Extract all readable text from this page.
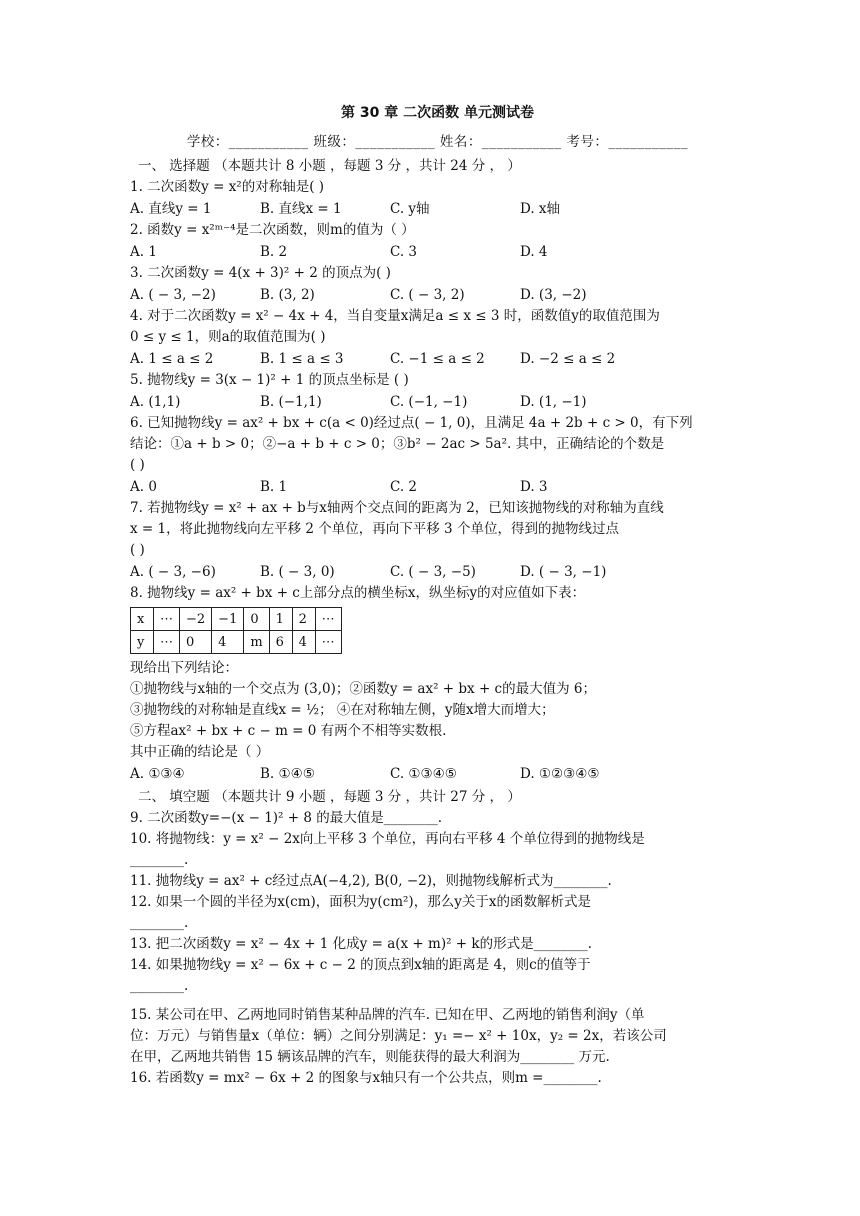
第 30 章 二次函数 单元测试卷
学校：___________ 班级：___________ 姓名：___________ 考号：___________
一、 选择题 （本题共计 8 小题 ，每题 3 分 ，共计 24 分 ， ）
1. 二次函数y = x²的对称轴是( )
A. 直线y = 1	B. 直线x = 1	C. y轴	D. x轴
2. 函数y = x²ᵐ⁻⁴是二次函数，则m的值为（ ）
A. 1	B. 2	C. 3	D. 4
3. 二次函数y = 4(x + 3)² + 2 的顶点为( )
A. ( − 3, −2)	B. (3, 2)	C. ( − 3, 2)	D. (3, −2)
4. 对于二次函数y = x² − 4x + 4，当自变量x满足a ≤ x ≤ 3 时，函数值y的取值范围为
0 ≤ y ≤ 1，则a的取值范围为( )
A. 1 ≤ a ≤ 2	B. 1 ≤ a ≤ 3	C. −1 ≤ a ≤ 2	D. −2 ≤ a ≤ 2
5. 抛物线y = 3(x − 1)² + 1 的顶点坐标是 ( )
A. (1,1)	B. (−1,1)	C. (−1, −1)	D. (1, −1)
6. 已知抛物线y = ax² + bx + c(a < 0)经过点( − 1, 0)，且满足 4a + 2b + c > 0，有下列
结论：①a + b > 0；②−a + b + c > 0；③b² − 2ac > 5a². 其中，正确结论的个数是
( )
A. 0	B. 1	C. 2	D. 3
7. 若抛物线y = x² + ax + b与x轴两个交点间的距离为 2，已知该抛物线的对称轴为直线
x = 1，将此抛物线向左平移 2 个单位，再向下平移 3 个单位，得到的抛物线过点
( )
A. ( − 3, −6)	B. ( − 3, 0)	C. ( − 3, −5)	D. ( − 3, −1)
8. 抛物线y = ax² + bx + c上部分点的横坐标x，纵坐标y的对应值如下表：
x	⋯	−2	−1	0	1	2	⋯
y	⋯	0	4	m	6	4	⋯
现给出下列结论：
①抛物线与x轴的一个交点为 (3,0)；②函数y = ax² + bx + c的最大值为 6；
③抛物线的对称轴是直线x = ½； ④在对称轴左侧，y随x增大而增大；
⑤方程ax² + bx + c − m = 0 有两个不相等实数根.
其中正确的结论是（ ）
A. ①③④	B. ①④⑤	C. ①③④⑤	D. ①②③④⑤
二、 填空题 （本题共计 9 小题 ，每题 3 分 ，共计 27 分 ， ）
9. 二次函数y=−(x − 1)² + 8 的最大值是________.
10. 将抛物线：y = x² − 2x向上平移 3 个单位，再向右平移 4 个单位得到的抛物线是
________.
11. 抛物线y = ax² + c经过点A(−4,2), B(0, −2)，则抛物线解析式为________.
12. 如果一个圆的半径为x(cm)，面积为y(cm²)，那么y关于x的函数解析式是
________.
13. 把二次函数y = x² − 4x + 1 化成y = a(x + m)² + k的形式是________.
14. 如果抛物线y = x² − 6x + c − 2 的顶点到x轴的距离是 4，则c的值等于
________.
15. 某公司在甲、乙两地同时销售某种品牌的汽车. 已知在甲、乙两地的销售利润y（单
位：万元）与销售量x（单位：辆）之间分别满足：y₁ =− x² + 10x，y₂ = 2x，若该公司
在甲，乙两地共销售 15 辆该品牌的汽车，则能获得的最大利润为________ 万元.
16. 若函数y = mx² − 6x + 2 的图象与x轴只有一个公共点，则m =________.
